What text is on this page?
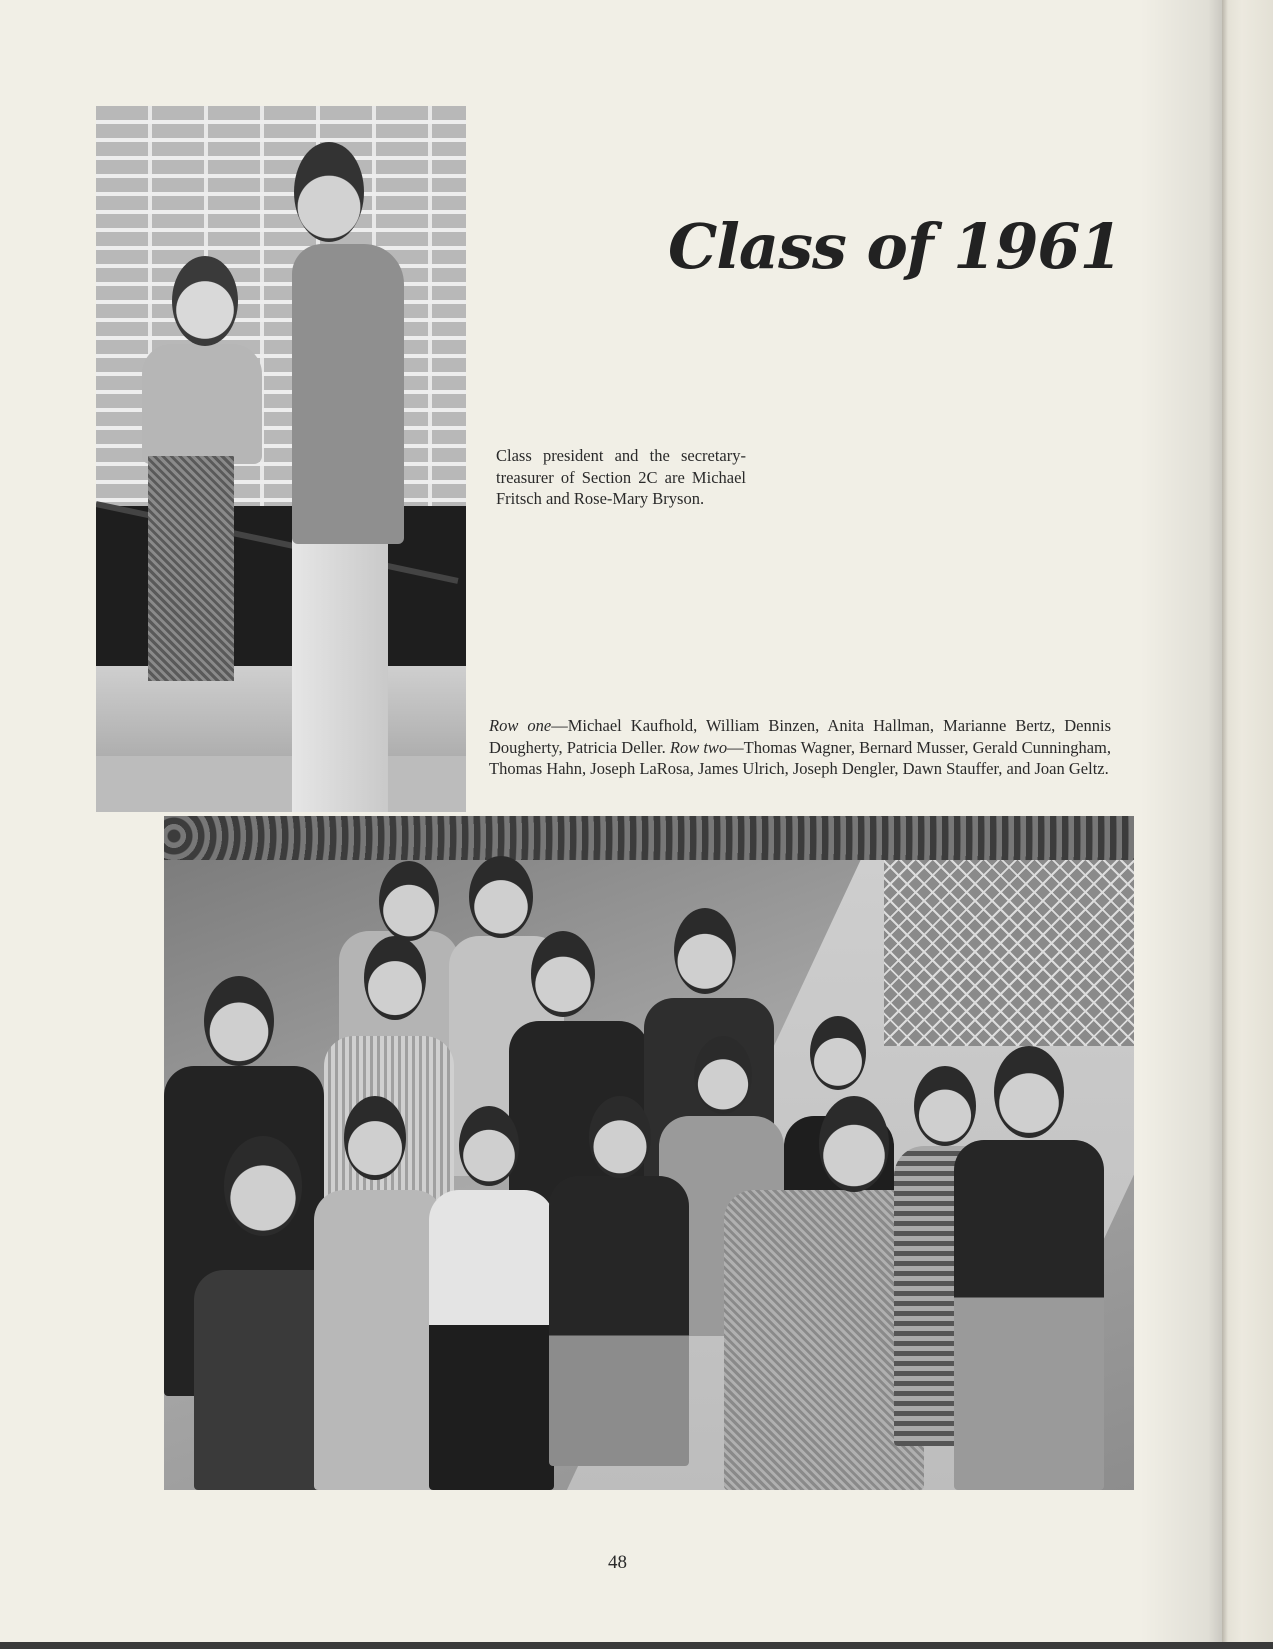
Class of 1961

Class president and the secretary-treasurer of Section 2C are Michael Fritsch and Rose-Mary Bryson.

Row one—Michael Kaufhold, William Binzen, Anita Hallman, Marianne Bertz, Dennis Dougherty, Patricia Deller. Row two—Thomas Wagner, Bernard Musser, Gerald Cunningham, Thomas Hahn, Joseph LaRosa, James Ulrich, Joseph Dengler, Dawn Stauffer, and Joan Geltz.

48
